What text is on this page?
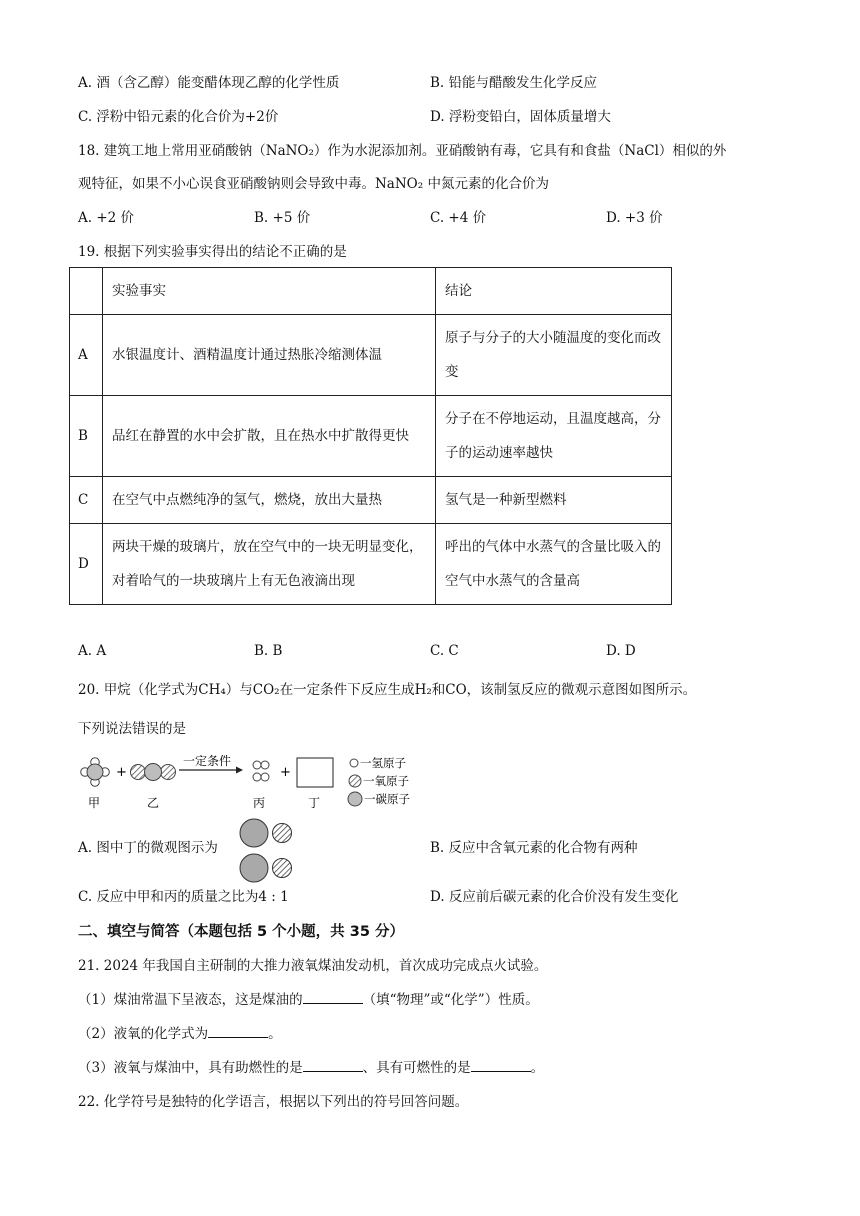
A. 酒（含乙醇）能变醋体现乙醇的化学性质	B. 铅能与醋酸发生化学反应
C. 浮粉中铅元素的化合价为+2价	D. 浮粉变铅白，固体质量增大
18. 建筑工地上常用亚硝酸钠（NaNO₂）作为水泥添加剂。亚硝酸钠有毒，它具有和食盐（NaCl）相似的外
观特征，如果不小心误食亚硝酸钠则会导致中毒。NaNO₂ 中氮元素的化合价为
A. +2 价	B. +5 价	C. +4 价	D. +3 价
19. 根据下列实验事实得出的结论不正确的是
	实验事实	结论
A	水银温度计、酒精温度计通过热胀冷缩测体温	原子与分子的大小随温度的变化而改变
B	品红在静置的水中会扩散，且在热水中扩散得更快	分子在不停地运动，且温度越高，分子的运动速率越快
C	在空气中点燃纯净的氢气，燃烧，放出大量热	氢气是一种新型燃料
D	两块干燥的玻璃片，放在空气中的一块无明显变化，对着哈气的一块玻璃片上有无色液滴出现	呼出的气体中水蒸气的含量比吸入的空气中水蒸气的含量高
A. A	B. B	C. C	D. D
20. 甲烷（化学式为CH₄）与CO₂在一定条件下反应生成H₂和CO，该制氢反应的微观示意图如图所示。
下列说法错误的是
+
一定条件
+
甲	乙	丙	丁
一氢原子
一氧原子
一碳原子
A. 图中丁的微观图示为	B. 反应中含氧元素的化合物有两种
C. 反应中甲和丙的质量之比为4 : 1	D. 反应前后碳元素的化合价没有发生变化
二、填空与简答（本题包括 5 个小题，共 35 分）
21. 2024 年我国自主研制的大推力液氧煤油发动机，首次成功完成点火试验。
（1）煤油常温下呈液态，这是煤油的	（填“物理”或“化学”）性质。
（2）液氧的化学式为	。
（3）液氧与煤油中，具有助燃性的是	、具有可燃性的是	。
22. 化学符号是独特的化学语言，根据以下列出的符号回答问题。
